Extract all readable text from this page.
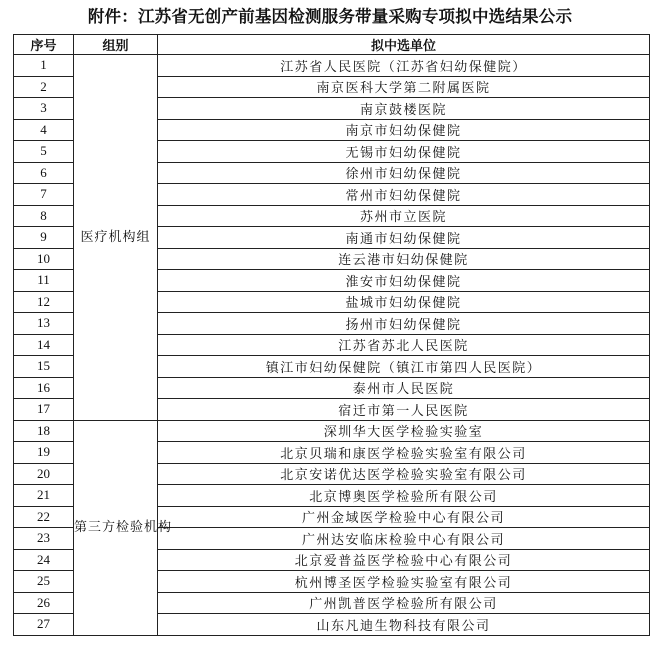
附件：江苏省无创产前基因检测服务带量采购专项拟中选结果公示
序号	组别	拟中选单位
1	医疗机构组	江苏省人民医院（江苏省妇幼保健院）
2		南京医科大学第二附属医院
3		南京鼓楼医院
4		南京市妇幼保健院
5		无锡市妇幼保健院
6		徐州市妇幼保健院
7		常州市妇幼保健院
8		苏州市立医院
9		南通市妇幼保健院
10		连云港市妇幼保健院
11		淮安市妇幼保健院
12		盐城市妇幼保健院
13		扬州市妇幼保健院
14		江苏省苏北人民医院
15		镇江市妇幼保健院（镇江市第四人民医院）
16		泰州市人民医院
17		宿迁市第一人民医院
18	第三方检验机构	深圳华大医学检验实验室
19		北京贝瑞和康医学检验实验室有限公司
20		北京安诺优达医学检验实验室有限公司
21		北京博奥医学检验所有限公司
22		广州金域医学检验中心有限公司
23		广州达安临床检验中心有限公司
24		北京爱普益医学检验中心有限公司
25		杭州博圣医学检验实验室有限公司
26		广州凯普医学检验所有限公司
27		山东凡迪生物科技有限公司
